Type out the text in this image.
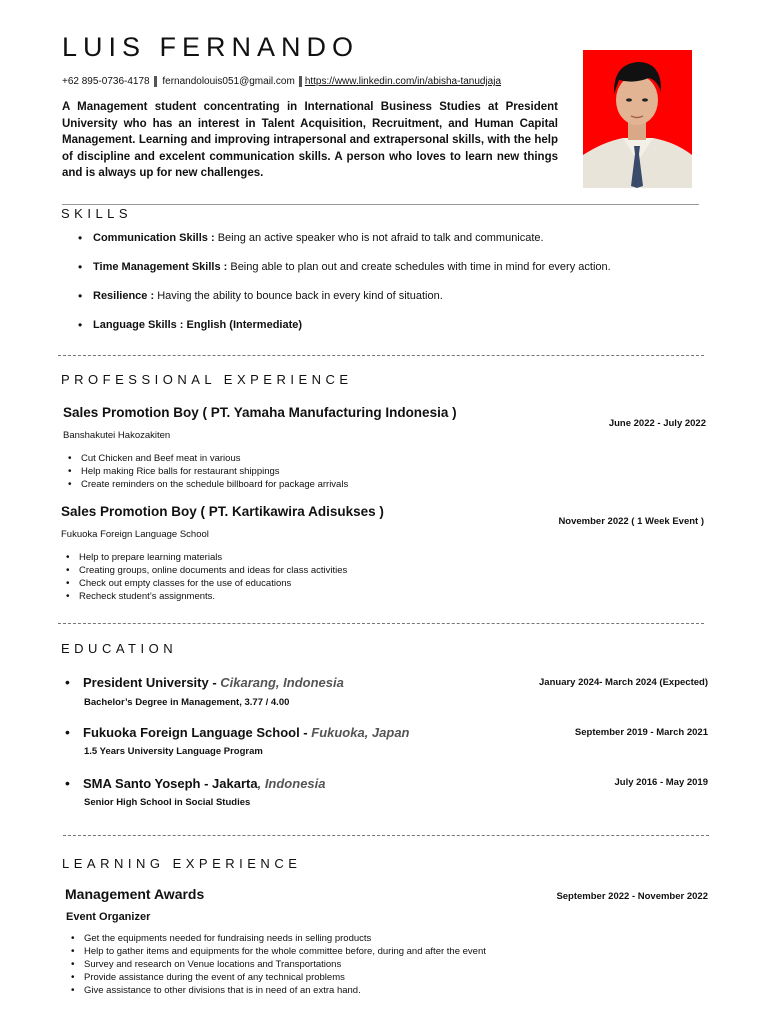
LUIS FERNANDO
+62 895-0736-4178 fernandolouis051@gmail.com https://www.linkedin.com/in/abisha-tanudjaja
A Management student concentrating in International Business Studies at President University who has an interest in Talent Acquisition, Recruitment, and Human Capital Management. Learning and improving intrapersonal and extrapersonal skills, with the help of discipline and excelent communication skills. A person who loves to learn new things and is always up for new challenges.
SKILLS
• Communication Skills : Being an active speaker who is not afraid to talk and communicate.
• Time Management Skills : Being able to plan out and create schedules with time in mind for every action.
• Resilience : Having the ability to bounce back in every kind of situation.
• Language Skills : English (Intermediate)
PROFESSIONAL EXPERIENCE
Sales Promotion Boy ( PT. Yamaha Manufacturing Indonesia )
June 2022 - July 2022
Banshakutei Hakozakiten
• Cut Chicken and Beef meat in various
• Help making Rice balls for restaurant shippings
• Create reminders on the schedule billboard for package arrivals
Sales Promotion Boy ( PT. Kartikawira Adisukses )
November 2022 ( 1 Week Event )
Fukuoka Foreign Language School
• Help to prepare learning materials
• Creating groups, online documents and ideas for class activities
• Check out empty classes for the use of educations
• Recheck student’s assignments.
EDUCATION
• President University - Cikarang, Indonesia	January 2024- March 2024 (Expected)
Bachelor’s Degree in Management, 3.77 / 4.00
• Fukuoka Foreign Language School - Fukuoka, Japan	September 2019 - March 2021
1.5 Years University Language Program
• SMA Santo Yoseph - Jakarta, Indonesia	July 2016 - May 2019
Senior High School in Social Studies
LEARNING EXPERIENCE
Management Awards	September 2022 - November 2022
Event Organizer
• Get the equipments needed for fundraising needs in selling products
• Help to gather items and equipments for the whole committee before, during and after the event
• Survey and research on Venue locations and Transportations
• Provide assistance during the event of any technical problems
• Give assistance to other divisions that is in need of an extra hand.
